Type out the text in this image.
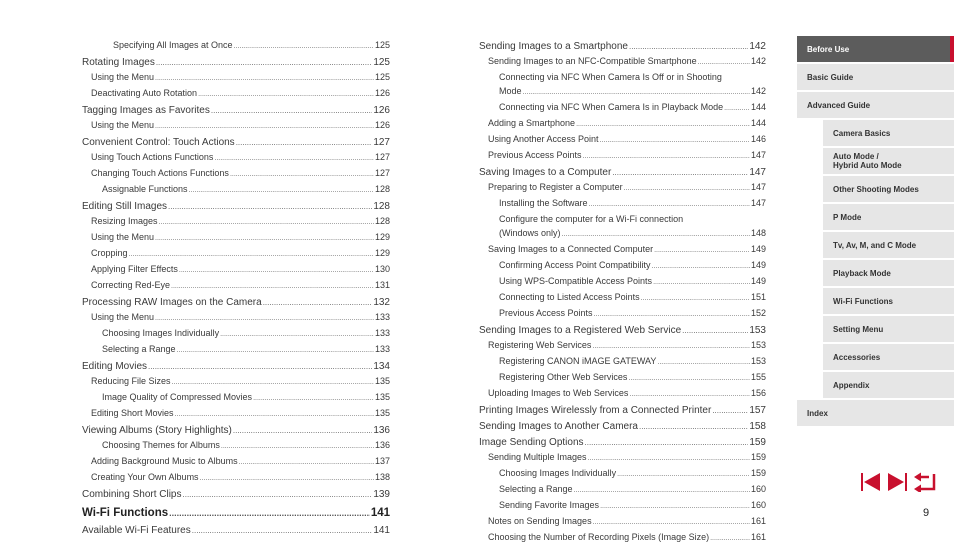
Specifying All Images at Once .....	125
Rotating Images .....	125
Using the Menu .....	125
Deactivating Auto Rotation .....	126
Tagging Images as Favorites .....	126
Using the Menu .....	126
Convenient Control: Touch Actions .....	127
Using Touch Actions Functions .....	127
Changing Touch Actions Functions .....	127
Assignable Functions .....	128
Editing Still Images .....	128
Resizing Images .....	128
Using the Menu .....	129
Cropping .....	129
Applying Filter Effects .....	130
Correcting Red-Eye .....	131
Processing RAW Images on the Camera .....	132
Using the Menu .....	133
Choosing Images Individually .....	133
Selecting a Range .....	133
Editing Movies .....	134
Reducing File Sizes .....	135
Image Quality of Compressed Movies .....	135
Editing Short Movies .....	135
Viewing Albums (Story Highlights) .....	136
Choosing Themes for Albums .....	136
Adding Background Music to Albums .....	137
Creating Your Own Albums .....	138
Combining Short Clips .....	139
Wi-Fi Functions .....	141
Available Wi-Fi Features .....	141
Sending Images to a Smartphone .....	142
Sending Images to an NFC-Compatible Smartphone .....	142
Connecting via NFC When Camera Is Off or in Shooting
Mode .....	142
Connecting via NFC When Camera Is in Playback Mode .....	144
Adding a Smartphone .....	144
Using Another Access Point .....	146
Previous Access Points .....	147
Saving Images to a Computer .....	147
Preparing to Register a Computer .....	147
Installing the Software .....	147
Configure the computer for a Wi-Fi connection
(Windows only) .....	148
Saving Images to a Connected Computer .....	149
Confirming Access Point Compatibility .....	149
Using WPS-Compatible Access Points .....	149
Connecting to Listed Access Points .....	151
Previous Access Points .....	152
Sending Images to a Registered Web Service .....	153
Registering Web Services .....	153
Registering CANON iMAGE GATEWAY .....	153
Registering Other Web Services .....	155
Uploading Images to Web Services .....	156
Printing Images Wirelessly from a Connected Printer .....	157
Sending Images to Another Camera .....	158
Image Sending Options .....	159
Sending Multiple Images .....	159
Choosing Images Individually .....	159
Selecting a Range .....	160
Sending Favorite Images .....	160
Notes on Sending Images .....	161
Choosing the Number of Recording Pixels (Image Size) .....	161
Before Use
Basic Guide
Advanced Guide
Camera Basics
Auto Mode /
Hybrid Auto Mode
Other Shooting Modes
P Mode
Tv, Av, M, and C Mode
Playback Mode
Wi-Fi Functions
Setting Menu
Accessories
Appendix
Index
9
